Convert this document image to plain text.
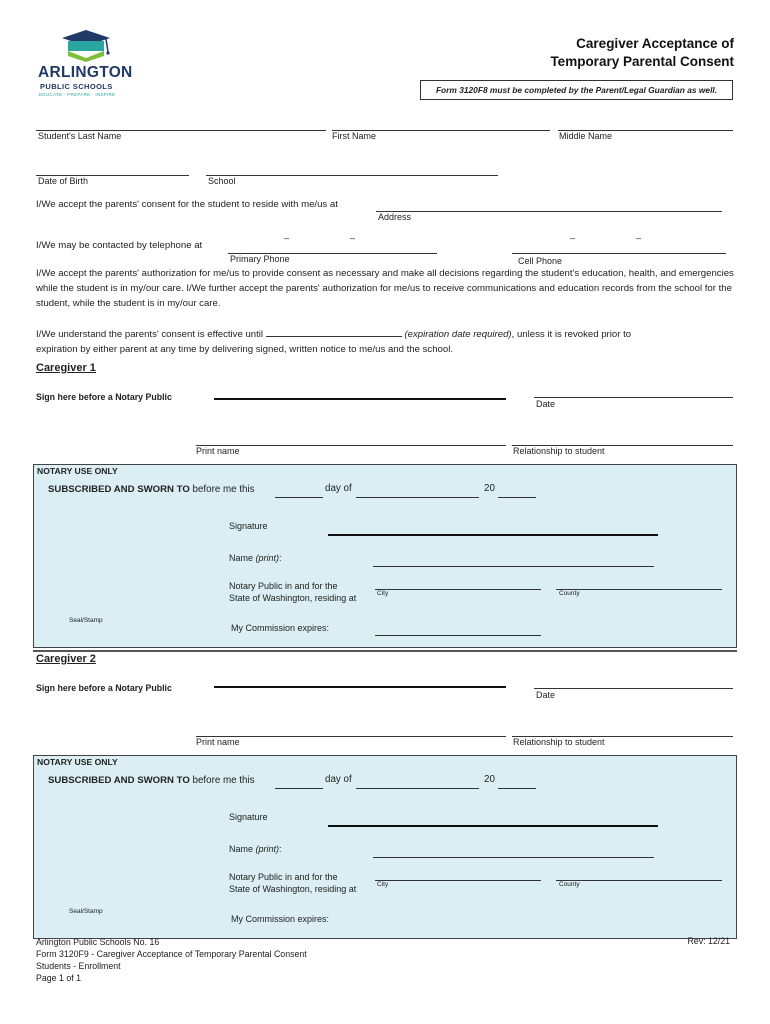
ARLINGTON
PUBLIC SCHOOLS
EDUCATE · PREPARE · INSPIRE
Caregiver Acceptance of
Temporary Parental Consent
Form 3120F8 must be completed by the Parent/Legal Guardian as well.
Student's Last Name	First Name	Middle Name
Date of Birth	School
I/We accept the parents' consent for the student to reside with me/us at
Address
I/We may be contacted by telephone at
_	_	_	_
Primary Phone	Cell Phone
I/We accept the parents' authorization for me/us to provide consent as necessary and make all decisions regarding the student's education, health, and emergencies while the student is in my/our care. I/We further accept the parents' authorization for me/us to receive communications and education records from the school for the student, while the student is in my/our care.
I/We understand the parents' consent is effective until	(expiration date required), unless it is revoked prior to
expiration by either parent at any time by delivering signed, written notice to me/us and the school.
Caregiver 1
Sign here before a Notary Public
Date
Print name	Relationship to student
NOTARY USE ONLY
SUBSCRIBED AND SWORN TO before me this	day of	20
Signature
Name (print):
Notary Public in and for the
State of Washington, residing at	City	County
Seal/Stamp
My Commission expires:
Caregiver 2
Sign here before a Notary Public
Date
Print name	Relationship to student
NOTARY USE ONLY
SUBSCRIBED AND SWORN TO before me this	day of	20
Signature
Name (print):
Notary Public in and for the
State of Washington, residing at	City	County
Seal/Stamp
My Commission expires:
Arlington Public Schools No. 16
Form 3120F9 - Caregiver Acceptance of Temporary Parental Consent
Students - Enrollment
Page 1 of 1
Rev: 12/21
